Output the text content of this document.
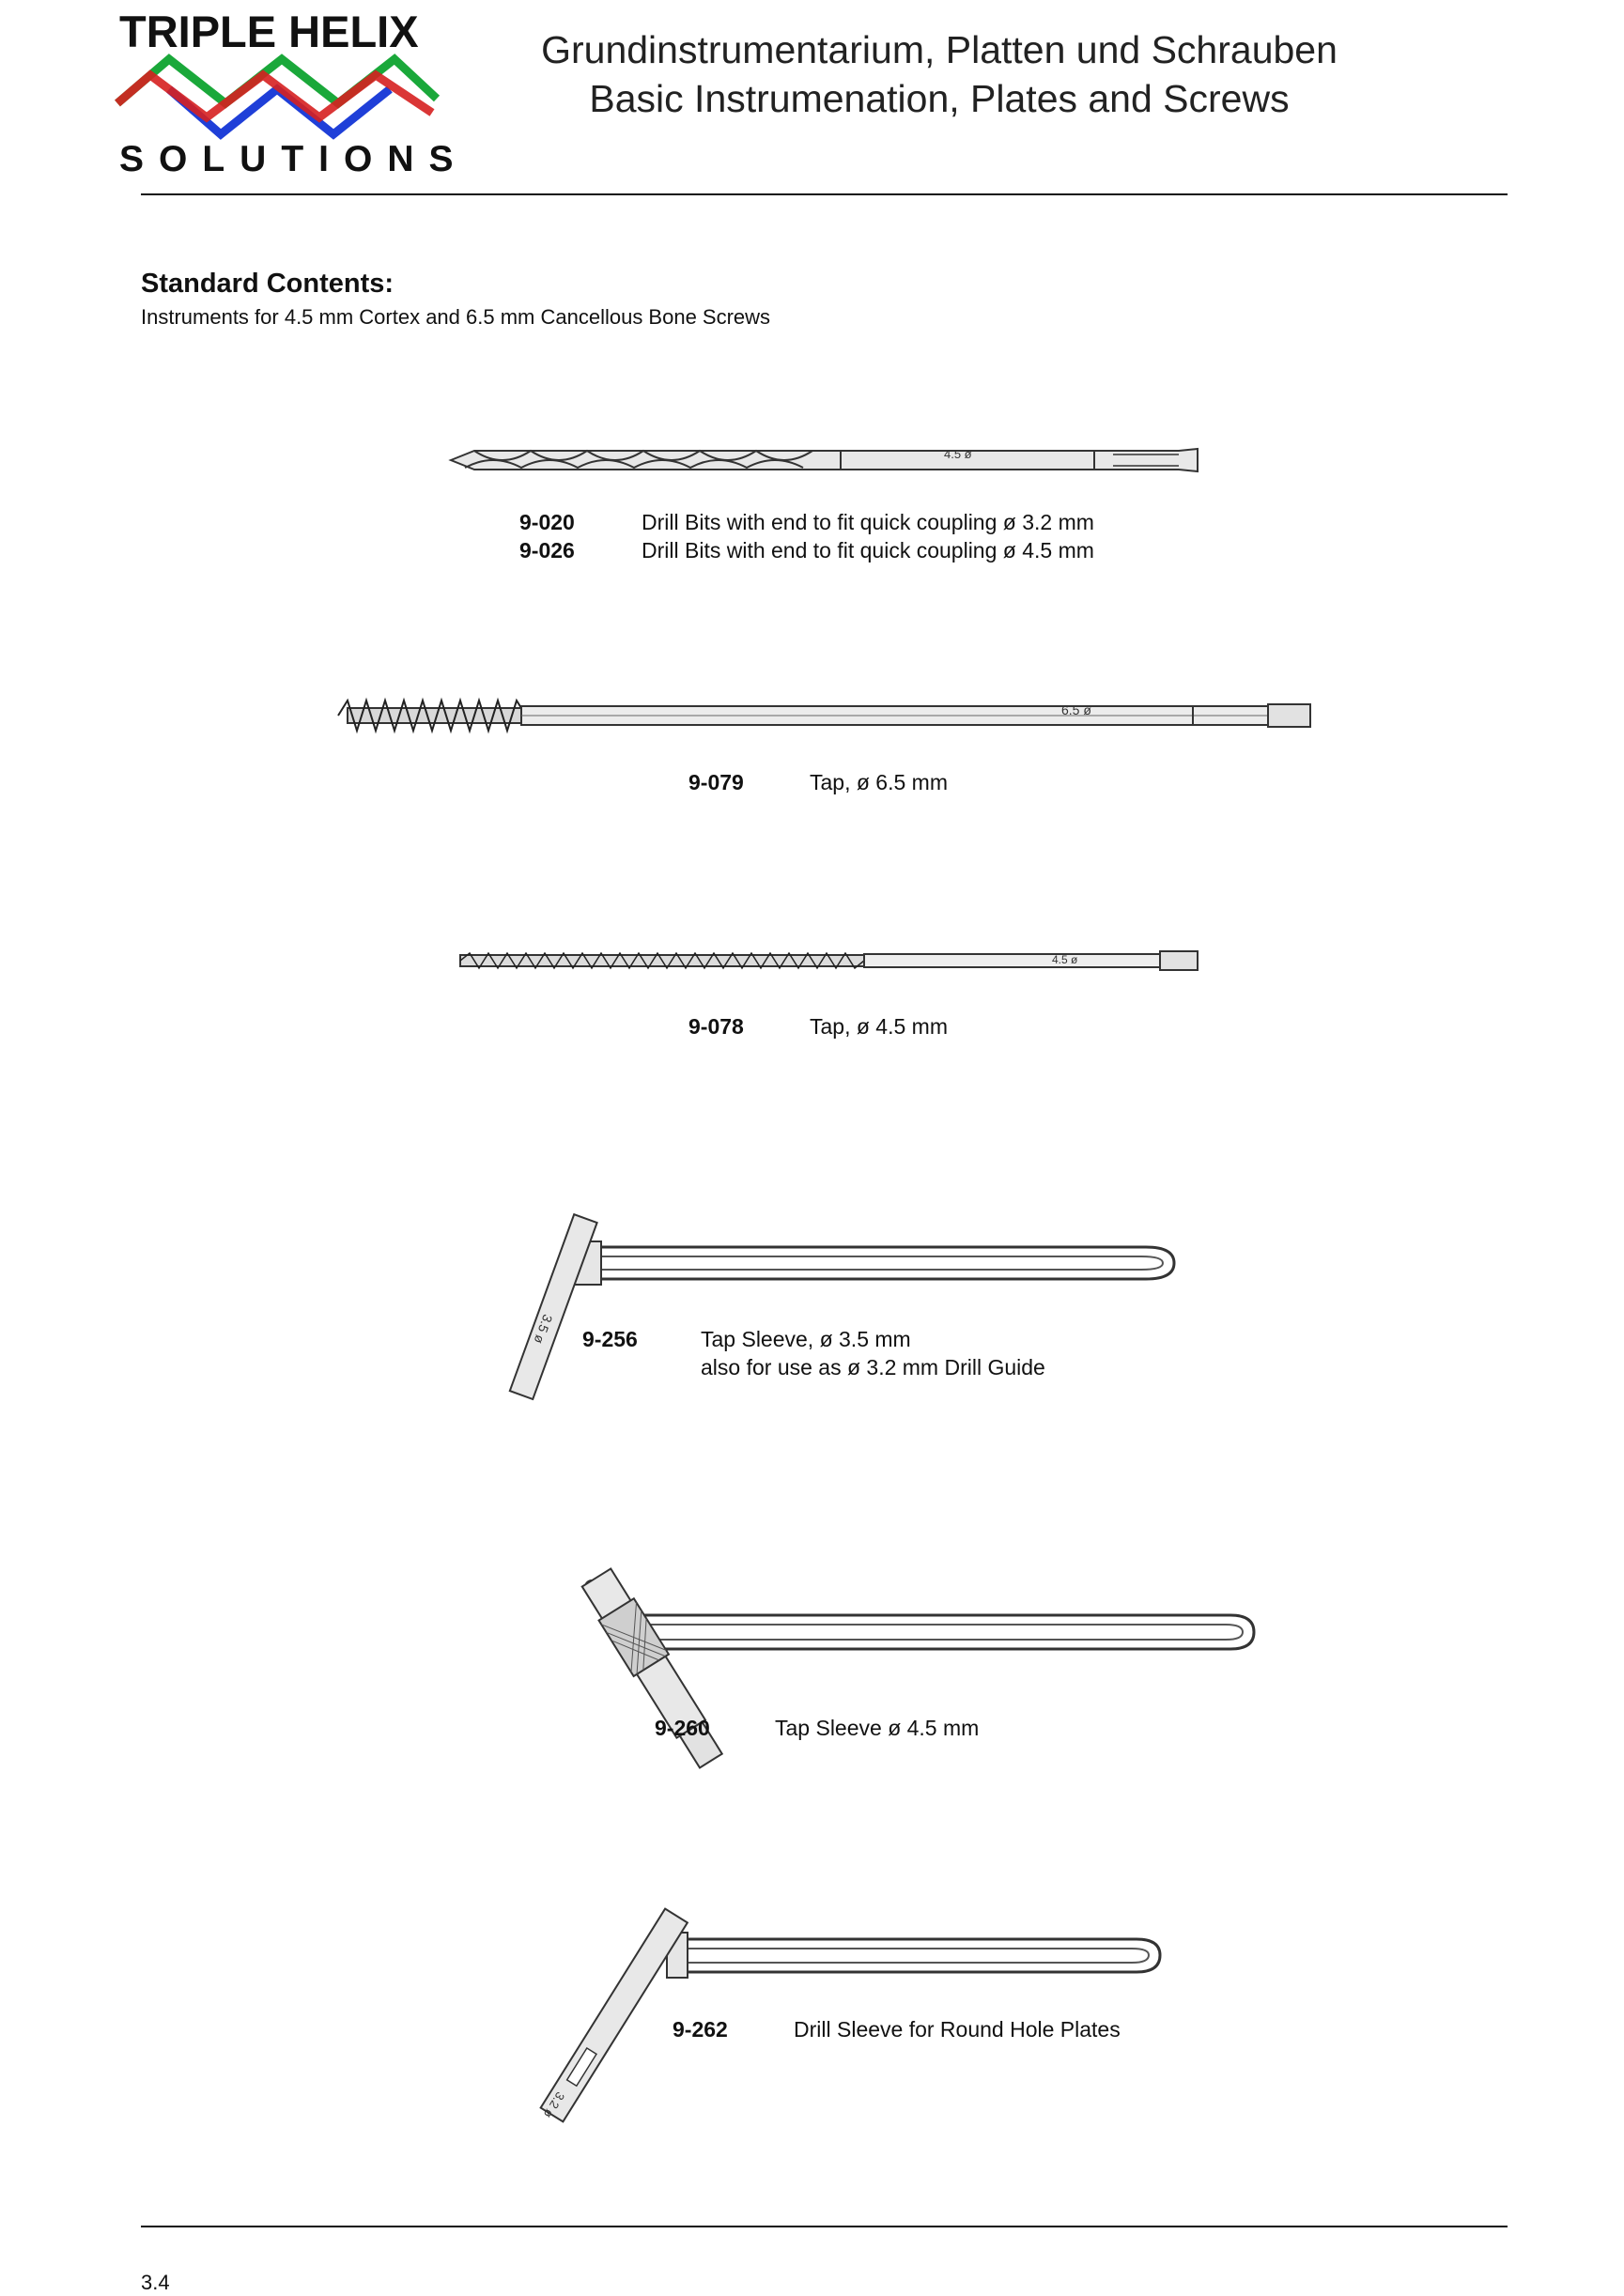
TRIPLE HELIX
SOLUTIONS
Grundinstrumentarium, Platten und Schrauben
Basic Instrumenation, Plates and Screws
Standard Contents:
Instruments for 4.5 mm Cortex and 6.5 mm Cancellous Bone Screws
4.5 ø
9-020	Drill Bits with end to fit quick coupling ø 3.2 mm
9-026	Drill Bits with end to fit quick coupling ø 4.5 mm
6.5 ø
9-079	Tap, ø 6.5 mm
4.5 ø
9-078	Tap, ø 4.5 mm
3.5 ø 9-256	Tap Sleeve, ø 3.5 mm
also for use as ø 3.2 mm Drill Guide
9-260	Tap Sleeve ø 4.5 mm
3.2 ø
9-262	Drill Sleeve for Round Hole Plates
3.4
